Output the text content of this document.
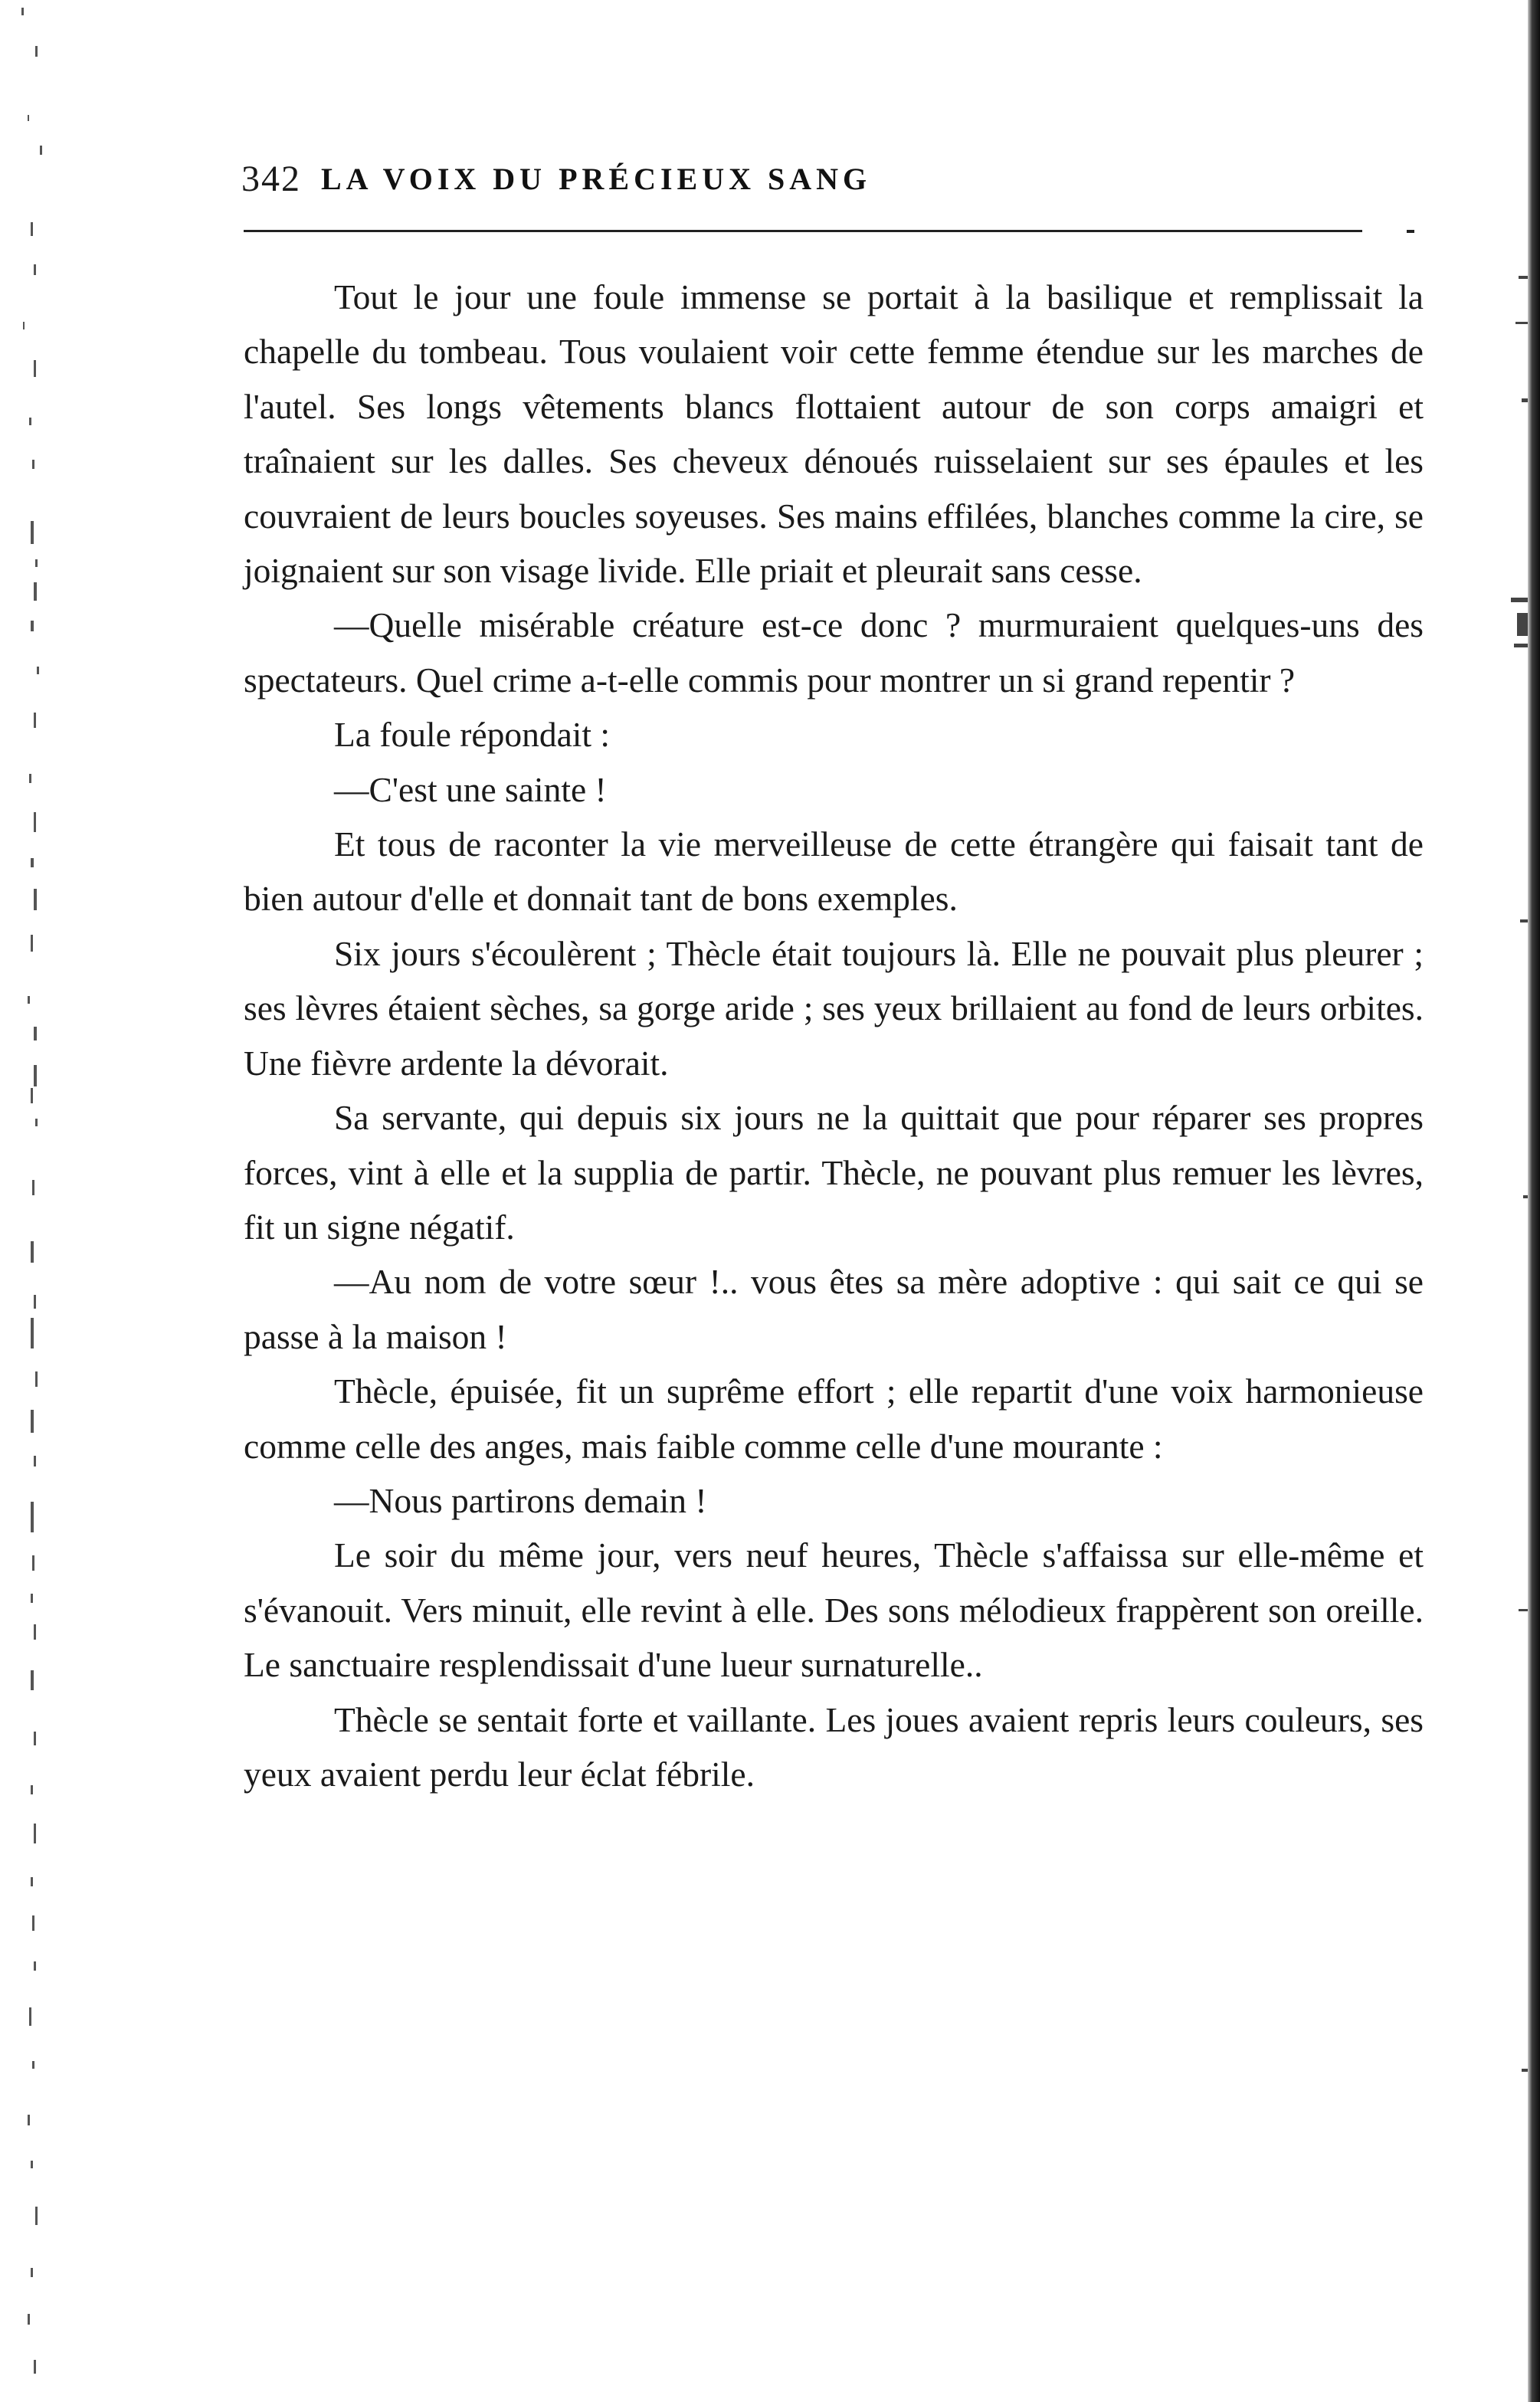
342 LA VOIX DU PRÉCIEUX SANG

Tout le jour une foule immense se portait à la basilique et remplissait la chapelle du tombeau. Tous voulaient voir cette femme étendue sur les marches de l'autel. Ses longs vêtements blancs flottaient autour de son corps amaigri et traînaient sur les dalles. Ses cheveux dénoués ruisselaient sur ses épaules et les couvraient de leurs boucles soyeuses. Ses mains effilées, blanches comme la cire, se joignaient sur son visage livide. Elle priait et pleurait sans cesse.

—Quelle misérable créature est-ce donc ? murmuraient quelques-uns des spectateurs. Quel crime a-t-elle commis pour montrer un si grand repentir ?

La foule répondait :

—C'est une sainte !

Et tous de raconter la vie merveilleuse de cette étrangère qui faisait tant de bien autour d'elle et donnait tant de bons exemples.

Six jours s'écoulèrent ; Thècle était toujours là. Elle ne pouvait plus pleurer ; ses lèvres étaient sèches, sa gorge aride ; ses yeux brillaient au fond de leurs orbites. Une fièvre ardente la dévorait.

Sa servante, qui depuis six jours ne la quittait que pour réparer ses propres forces, vint à elle et la supplia de partir. Thècle, ne pouvant plus remuer les lèvres, fit un signe négatif.

—Au nom de votre sœur !.. vous êtes sa mère adoptive : qui sait ce qui se passe à la maison !

Thècle, épuisée, fit un suprême effort ; elle repartit d'une voix harmonieuse comme celle des anges, mais faible comme celle d'une mourante :

—Nous partirons demain !

Le soir du même jour, vers neuf heures, Thècle s'affaissa sur elle-même et s'évanouit. Vers minuit, elle revint à elle. Des sons mélodieux frappèrent son oreille. Le sanctuaire resplendissait d'une lueur surnaturelle..

Thècle se sentait forte et vaillante. Les joues avaient repris leurs couleurs, ses yeux avaient perdu leur éclat fébrile.
